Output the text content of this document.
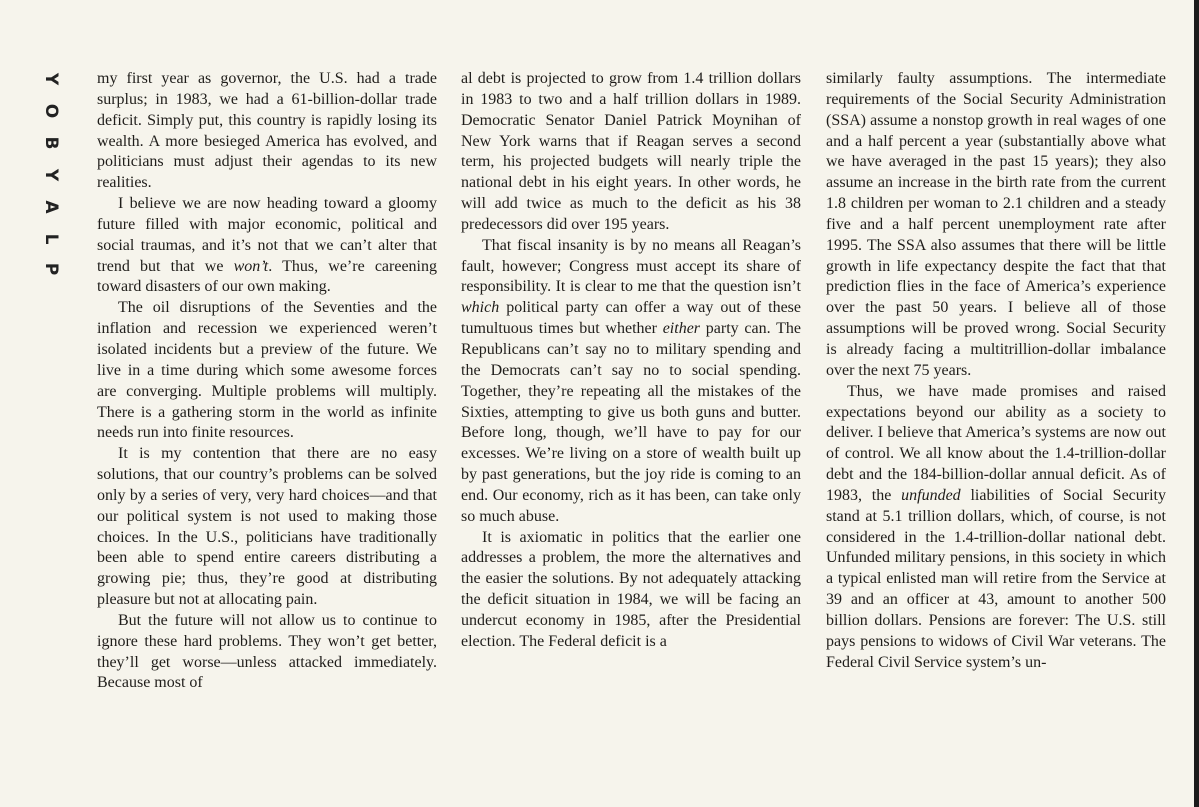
Y
O
B
Y
A
L
P

my first year as governor, the U.S. had a trade surplus; in 1983, we had a 61-billion-dollar trade deficit. Simply put, this country is rapidly losing its wealth. A more besieged America has evolved, and politicians must adjust their agendas to its new realities.

I believe we are now heading toward a gloomy future filled with major economic, political and social traumas, and it’s not that we can’t alter that trend but that we won’t. Thus, we’re careening toward disasters of our own making.

The oil disruptions of the Seventies and the inflation and recession we experienced weren’t isolated incidents but a preview of the future. We live in a time during which some awesome forces are converging. Multiple problems will multiply. There is a gathering storm in the world as infinite needs run into finite resources.

It is my contention that there are no easy solutions, that our country’s problems can be solved only by a series of very, very hard choices—and that our political system is not used to making those choices. In the U.S., politicians have traditionally been able to spend entire careers distributing a growing pie; thus, they’re good at distributing pleasure but not at allocating pain.

But the future will not allow us to continue to ignore these hard problems. They won’t get better, they’ll get worse—unless attacked immediately. Because most of

al debt is projected to grow from 1.4 trillion dollars in 1983 to two and a half trillion dollars in 1989. Democratic Senator Daniel Patrick Moynihan of New York warns that if Reagan serves a second term, his projected budgets will nearly triple the national debt in his eight years. In other words, he will add twice as much to the deficit as his 38 predecessors did over 195 years.

That fiscal insanity is by no means all Reagan’s fault, however; Congress must accept its share of responsibility. It is clear to me that the question isn’t which political party can offer a way out of these tumultuous times but whether either party can. The Republicans can’t say no to military spending and the Democrats can’t say no to social spending. Together, they’re repeating all the mistakes of the Sixties, attempting to give us both guns and butter. Before long, though, we’ll have to pay for our excesses. We’re living on a store of wealth built up by past generations, but the joy ride is coming to an end. Our economy, rich as it has been, can take only so much abuse.

It is axiomatic in politics that the earlier one addresses a problem, the more the alternatives and the easier the solutions. By not adequately attacking the deficit situation in 1984, we will be facing an undercut economy in 1985, after the Presidential election. The Federal deficit is a

similarly faulty assumptions. The intermediate requirements of the Social Security Administration (SSA) assume a nonstop growth in real wages of one and a half percent a year (substantially above what we have averaged in the past 15 years); they also assume an increase in the birth rate from the current 1.8 children per woman to 2.1 children and a steady five and a half percent unemployment rate after 1995. The SSA also assumes that there will be little growth in life expectancy despite the fact that that prediction flies in the face of America’s experience over the past 50 years. I believe all of those assumptions will be proved wrong. Social Security is already facing a multitrillion-dollar imbalance over the next 75 years.

Thus, we have made promises and raised expectations beyond our ability as a society to deliver. I believe that America’s systems are now out of control. We all know about the 1.4-trillion-dollar debt and the 184-billion-dollar annual deficit. As of 1983, the unfunded liabilities of Social Security stand at 5.1 trillion dollars, which, of course, is not considered in the 1.4-trillion-dollar national debt. Unfunded military pensions, in this society in which a typical enlisted man will retire from the Service at 39 and an officer at 43, amount to another 500 billion dollars. Pensions are forever: The U.S. still pays pensions to widows of Civil War veterans. The Federal Civil Service system’s un-
